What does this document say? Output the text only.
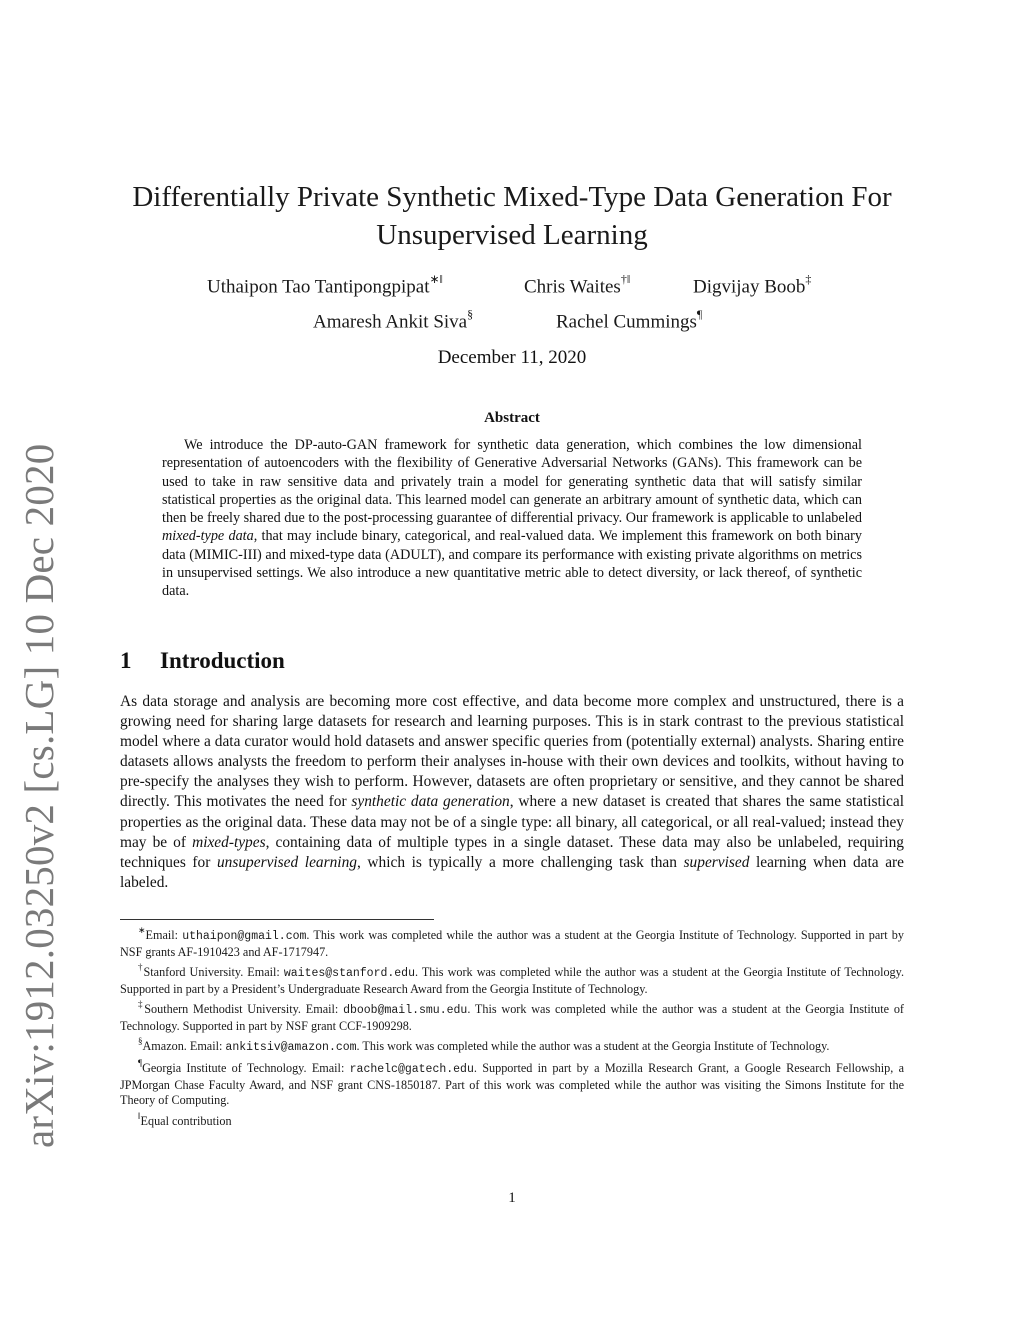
arXiv:1912.03250v2 [cs.LG] 10 Dec 2020
Differentially Private Synthetic Mixed-Type Data Generation For
Unsupervised Learning
Uthaipon Tao Tantipongpipat∗‖	Chris Waites†‖	Digvijay Boob‡
Amaresh Ankit Siva§	Rachel Cummings¶
December 11, 2020
Abstract

We introduce the DP-auto-GAN framework for synthetic data generation, which combines the low dimensional representation of autoencoders with the flexibility of Generative Adversarial Networks (GANs). This framework can be used to take in raw sensitive data and privately train a model for generating synthetic data that will satisfy similar statistical properties as the original data. This learned model can generate an arbitrary amount of synthetic data, which can then be freely shared due to the post-processing guarantee of differential privacy. Our framework is applicable to unlabeled mixed-type data, that may include binary, categorical, and real-valued data. We implement this framework on both binary data (MIMIC-III) and mixed-type data (ADULT), and compare its performance with existing private algorithms on metrics in unsupervised settings. We also introduce a new quantitative metric able to detect diversity, or lack thereof, of synthetic data.

1 Introduction

As data storage and analysis are becoming more cost effective, and data become more complex and unstructured, there is a growing need for sharing large datasets for research and learning purposes. This is in stark contrast to the previous statistical model where a data curator would hold datasets and answer specific queries from (potentially external) analysts. Sharing entire datasets allows analysts the freedom to perform their analyses in-house with their own devices and toolkits, without having to pre-specify the analyses they wish to perform. However, datasets are often proprietary or sensitive, and they cannot be shared directly. This motivates the need for synthetic data generation, where a new dataset is created that shares the same statistical properties as the original data. These data may not be of a single type: all binary, all categorical, or all real-valued; instead they may be of mixed-types, containing data of multiple types in a single dataset. These data may also be unlabeled, requiring techniques for unsupervised learning, which is typically a more challenging task than supervised learning when data are labeled.

∗Email: uthaipon@gmail.com. This work was completed while the author was a student at the Georgia Institute of Technology. Supported in part by NSF grants AF-1910423 and AF-1717947.

†Stanford University. Email: waites@stanford.edu. This work was completed while the author was a student at the Georgia Institute of Technology. Supported in part by a President’s Undergraduate Research Award from the Georgia Institute of Technology.

‡Southern Methodist University. Email: dboob@mail.smu.edu. This work was completed while the author was a student at the Georgia Institute of Technology. Supported in part by NSF grant CCF-1909298.

§Amazon. Email: ankitsiv@amazon.com. This work was completed while the author was a student at the Georgia Institute of Technology.

¶Georgia Institute of Technology. Email: rachelc@gatech.edu. Supported in part by a Mozilla Research Grant, a Google Research Fellowship, a JPMorgan Chase Faculty Award, and NSF grant CNS-1850187. Part of this work was completed while the author was visiting the Simons Institute for the Theory of Computing.

‖Equal contribution

1
